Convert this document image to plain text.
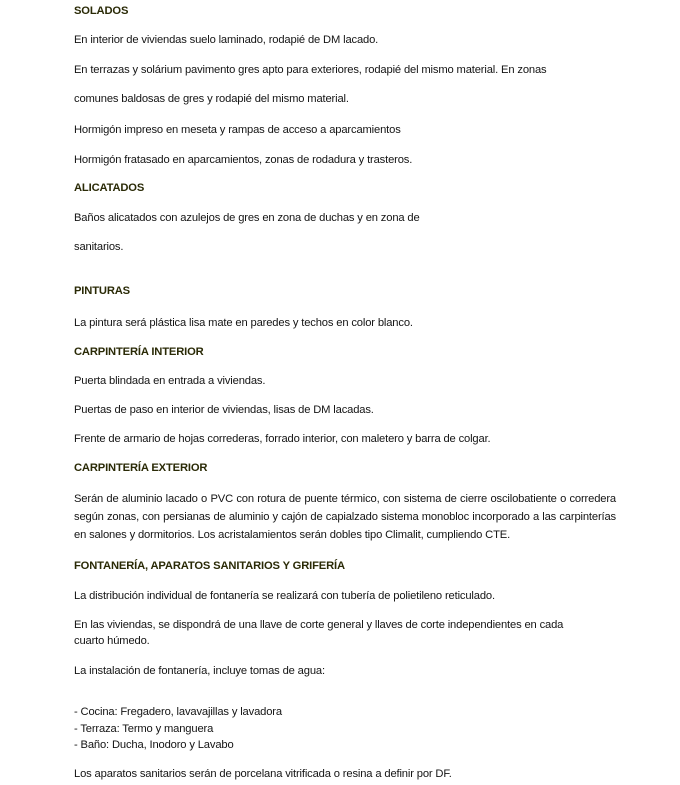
SOLADOS
En interior de viviendas suelo laminado, rodapié de DM lacado.
En terrazas y solárium pavimento gres apto para exteriores, rodapié del mismo material. En zonas
comunes baldosas de gres y rodapié del mismo material.
Hormigón impreso en meseta y rampas de acceso a aparcamientos
Hormigón fratasado en aparcamientos, zonas de rodadura y trasteros.
ALICATADOS
Baños alicatados con azulejos de gres en zona de duchas y en zona de
sanitarios.
PINTURAS
La pintura será plástica lisa mate en paredes y techos en color blanco.
CARPINTERÍA INTERIOR
Puerta blindada en entrada a viviendas.
Puertas de paso en interior de viviendas, lisas de DM lacadas.
Frente de armario de hojas correderas, forrado interior, con maletero y barra de colgar.
CARPINTERÍA EXTERIOR
Serán de aluminio lacado o PVC con rotura de puente térmico, con sistema de cierre oscilobatiente o corredera según zonas, con persianas de aluminio y cajón de capialzado sistema monobloc incorporado a las carpinterías en salones y dormitorios. Los acristalamientos serán dobles tipo Climalit, cumpliendo CTE.
FONTANERÍA, APARATOS SANITARIOS Y GRIFERÍA
La distribución individual de fontanería se realizará con tubería de polietileno reticulado.
En las viviendas, se dispondrá de una llave de corte general y llaves de corte independientes en cada
cuarto húmedo.
La instalación de fontanería, incluye tomas de agua:
- Cocina: Fregadero, lavavajillas y lavadora
- Terraza: Termo y manguera
- Baño: Ducha, Inodoro y Lavabo
Los aparatos sanitarios serán de porcelana vitrificada o resina a definir por DF.
